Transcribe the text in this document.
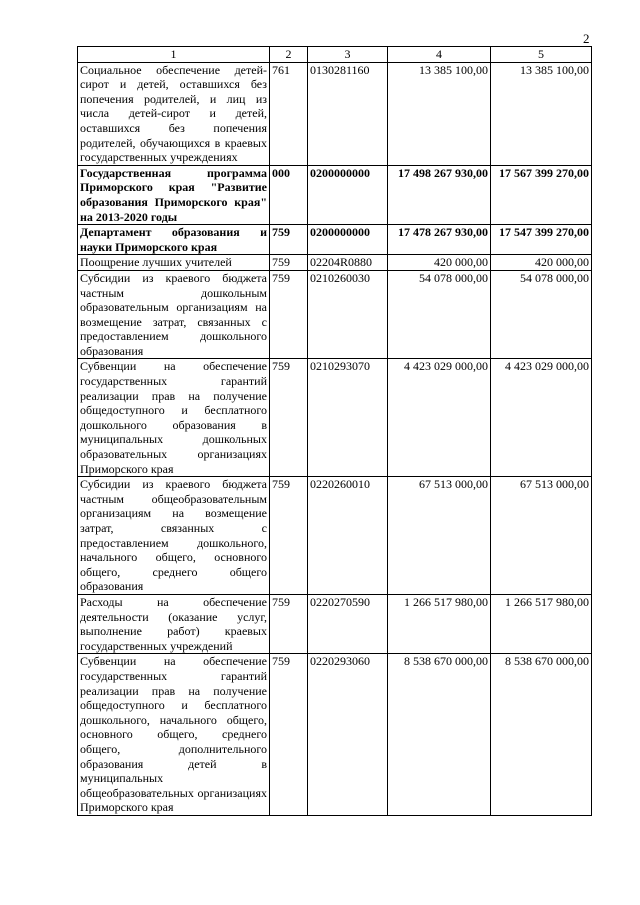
2
1	2	3	4	5
Социальное обеспечение детей-сирот и детей, оставшихся без попечения родителей, и лиц из числа детей-сирот и детей, оставшихся без попечения родителей, обучающихся в краевых государственных учреждениях	761	0130281160	13 385 100,00	13 385 100,00
Государственная программа Приморского края "Развитие образования Приморского края" на 2013-2020 годы	000	0200000000	17 498 267 930,00	17 567 399 270,00
Департамент образования и науки Приморского края	759	0200000000	17 478 267 930,00	17 547 399 270,00
Поощрение лучших учителей	759	02204R0880	420 000,00	420 000,00
Субсидии из краевого бюджета частным дошкольным образовательным организациям на возмещение затрат, связанных с предоставлением дошкольного образования	759	0210260030	54 078 000,00	54 078 000,00
Субвенции на обеспечение государственных гарантий реализации прав на получение общедоступного и бесплатного дошкольного образования в муниципальных дошкольных образовательных организациях Приморского края	759	0210293070	4 423 029 000,00	4 423 029 000,00
Субсидии из краевого бюджета частным общеобразовательным организациям на возмещение затрат, связанных с предоставлением дошкольного, начального общего, основного общего, среднего общего образования	759	0220260010	67 513 000,00	67 513 000,00
Расходы на обеспечение деятельности (оказание услуг, выполнение работ) краевых государственных учреждений	759	0220270590	1 266 517 980,00	1 266 517 980,00
Субвенции на обеспечение государственных гарантий реализации прав на получение общедоступного и бесплатного дошкольного, начального общего, основного общего, среднего общего, дополнительного образования детей в муниципальных общеобразовательных организациях Приморского края	759	0220293060	8 538 670 000,00	8 538 670 000,00
